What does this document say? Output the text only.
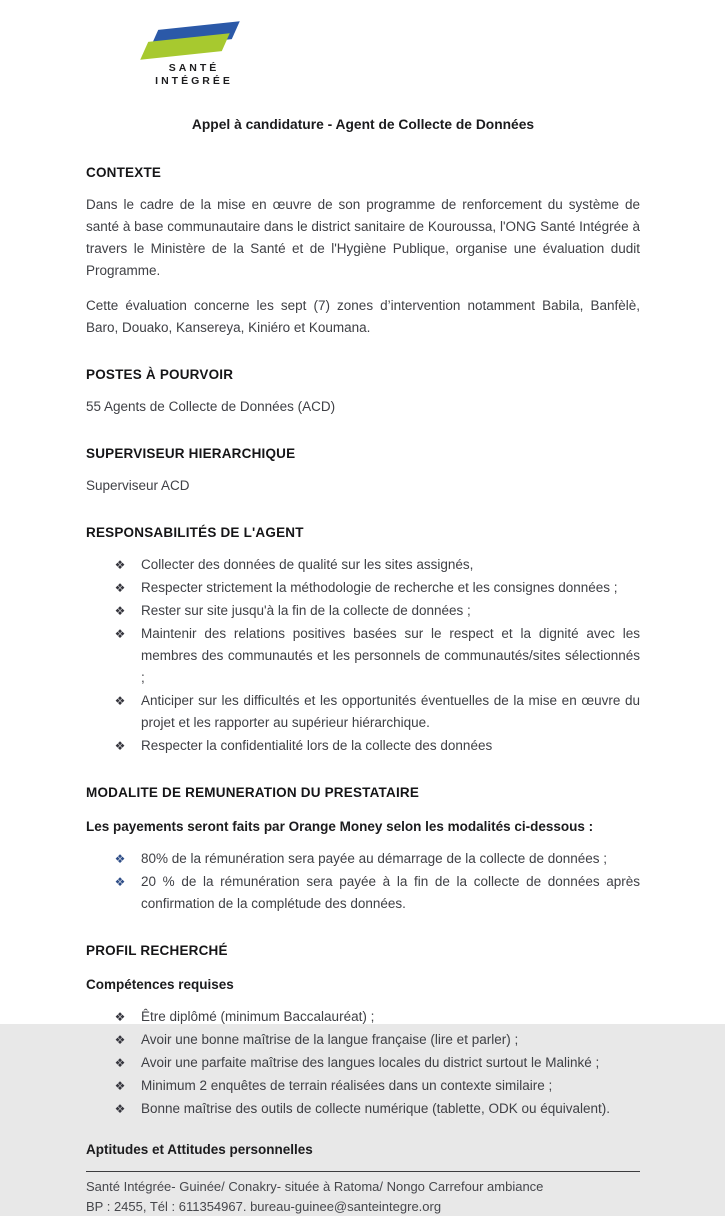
SANTÉ
INTÉGRÉE
Appel à candidature - Agent de Collecte de Données
CONTEXTE

Dans le cadre de la mise en œuvre de son programme de renforcement du système de santé à base communautaire dans le district sanitaire de Kouroussa, l'ONG Santé Intégrée à travers le Ministère de la Santé et de l'Hygiène Publique, organise une évaluation dudit Programme.

Cette évaluation concerne les sept (7) zones d’intervention notamment Babila, Banfèlè, Baro, Douako, Kansereya, Kiniéro et Koumana.

POSTES À POURVOIR

55 Agents de Collecte de Données (ACD)

SUPERVISEUR HIERARCHIQUE

Superviseur ACD

RESPONSABILITÉS DE L'AGENT
❖ Collecter des données de qualité sur les sites assignés,
❖ Respecter strictement la méthodologie de recherche et les consignes données ;
❖ Rester sur site jusqu'à la fin de la collecte de données ;
❖ Maintenir des relations positives basées sur le respect et la dignité avec les membres des communautés et les personnels de communautés/sites sélectionnés ;
❖ Anticiper sur les difficultés et les opportunités éventuelles de la mise en œuvre du projet et les rapporter au supérieur hiérarchique.
❖ Respecter la confidentialité lors de la collecte des données
MODALITE DE REMUNERATION DU PRESTATAIRE

Les payements seront faits par Orange Money selon les modalités ci-dessous :

❖ 80% de la rémunération sera payée au démarrage de la collecte de données ;
❖ 20 % de la rémunération sera payée à la fin de la collecte de données après confirmation de la complétude des données.
PROFIL RECHERCHÉ

Compétences requises

❖ Être diplômé (minimum Baccalauréat) ;
❖ Avoir une bonne maîtrise de la langue française (lire et parler) ;
❖ Avoir une parfaite maîtrise des langues locales du district surtout le Malinké ;
❖ Minimum 2 enquêtes de terrain réalisées dans un contexte similaire ;
❖ Bonne maîtrise des outils de collecte numérique (tablette, ODK ou équivalent).

Aptitudes et Attitudes personnelles

Santé Intégrée- Guinée/ Conakry- située à Ratoma/ Nongo Carrefour ambiance
BP : 2455, Tél : 611354967. bureau-guinee@santeintegre.org
